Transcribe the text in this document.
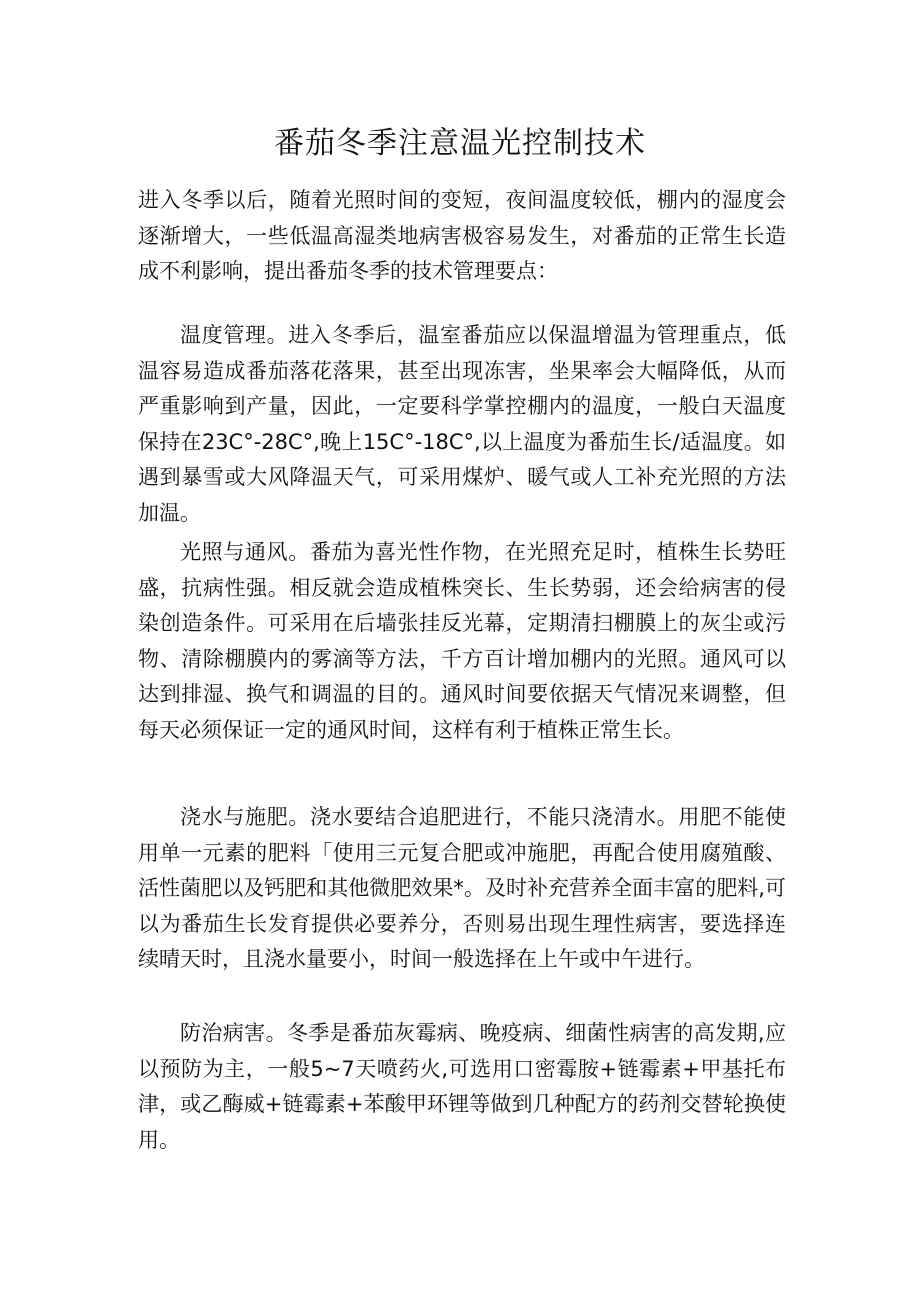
番茄冬季注意温光控制技术

进入冬季以后，随着光照时间的变短，夜间温度较低，棚内的湿度会逐渐增大，一些低温高湿类地病害极容易发生，对番茄的正常生长造成不利影响，提出番茄冬季的技术管理要点：

温度管理。进入冬季后，温室番茄应以保温增温为管理重点，低温容易造成番茄落花落果，甚至出现冻害，坐果率会大幅降低，从而严重影响到产量，因此，一定要科学掌控棚内的温度，一般白天温度保持在23C°-28C°,晚上15C°-18C°,以上温度为番茄生长/适温度。如遇到暴雪或大风降温天气，可采用煤炉、暖气或人工补充光照的方法加温。

光照与通风。番茄为喜光性作物，在光照充足时，植株生长势旺盛，抗病性强。相反就会造成植株突长、生长势弱，还会给病害的侵染创造条件。可采用在后墙张挂反光幕，定期清扫棚膜上的灰尘或污物、清除棚膜内的雾滴等方法，千方百计增加棚内的光照。通风可以达到排湿、换气和调温的目的。通风时间要依据天气情况来调整，但每天必须保证一定的通风时间，这样有利于植株正常生长。

浇水与施肥。浇水要结合追肥进行，不能只浇清水。用肥不能使用单一元素的肥料「使用三元复合肥或冲施肥，再配合使用腐殖酸、活性菌肥以及钙肥和其他微肥效果*。及时补充营养全面丰富的肥料,可以为番茄生长发育提供必要养分，否则易出现生理性病害，要选择连续晴天时，且浇水量要小，时间一般选择在上午或中午进行。

防治病害。冬季是番茄灰霉病、晚疫病、细菌性病害的高发期,应以预防为主，一般5~7天喷药火,可选用口密霉胺+链霉素+甲基托布津，或乙酶威+链霉素+苯酸甲环锂等做到几种配方的药剂交替轮换使用。
